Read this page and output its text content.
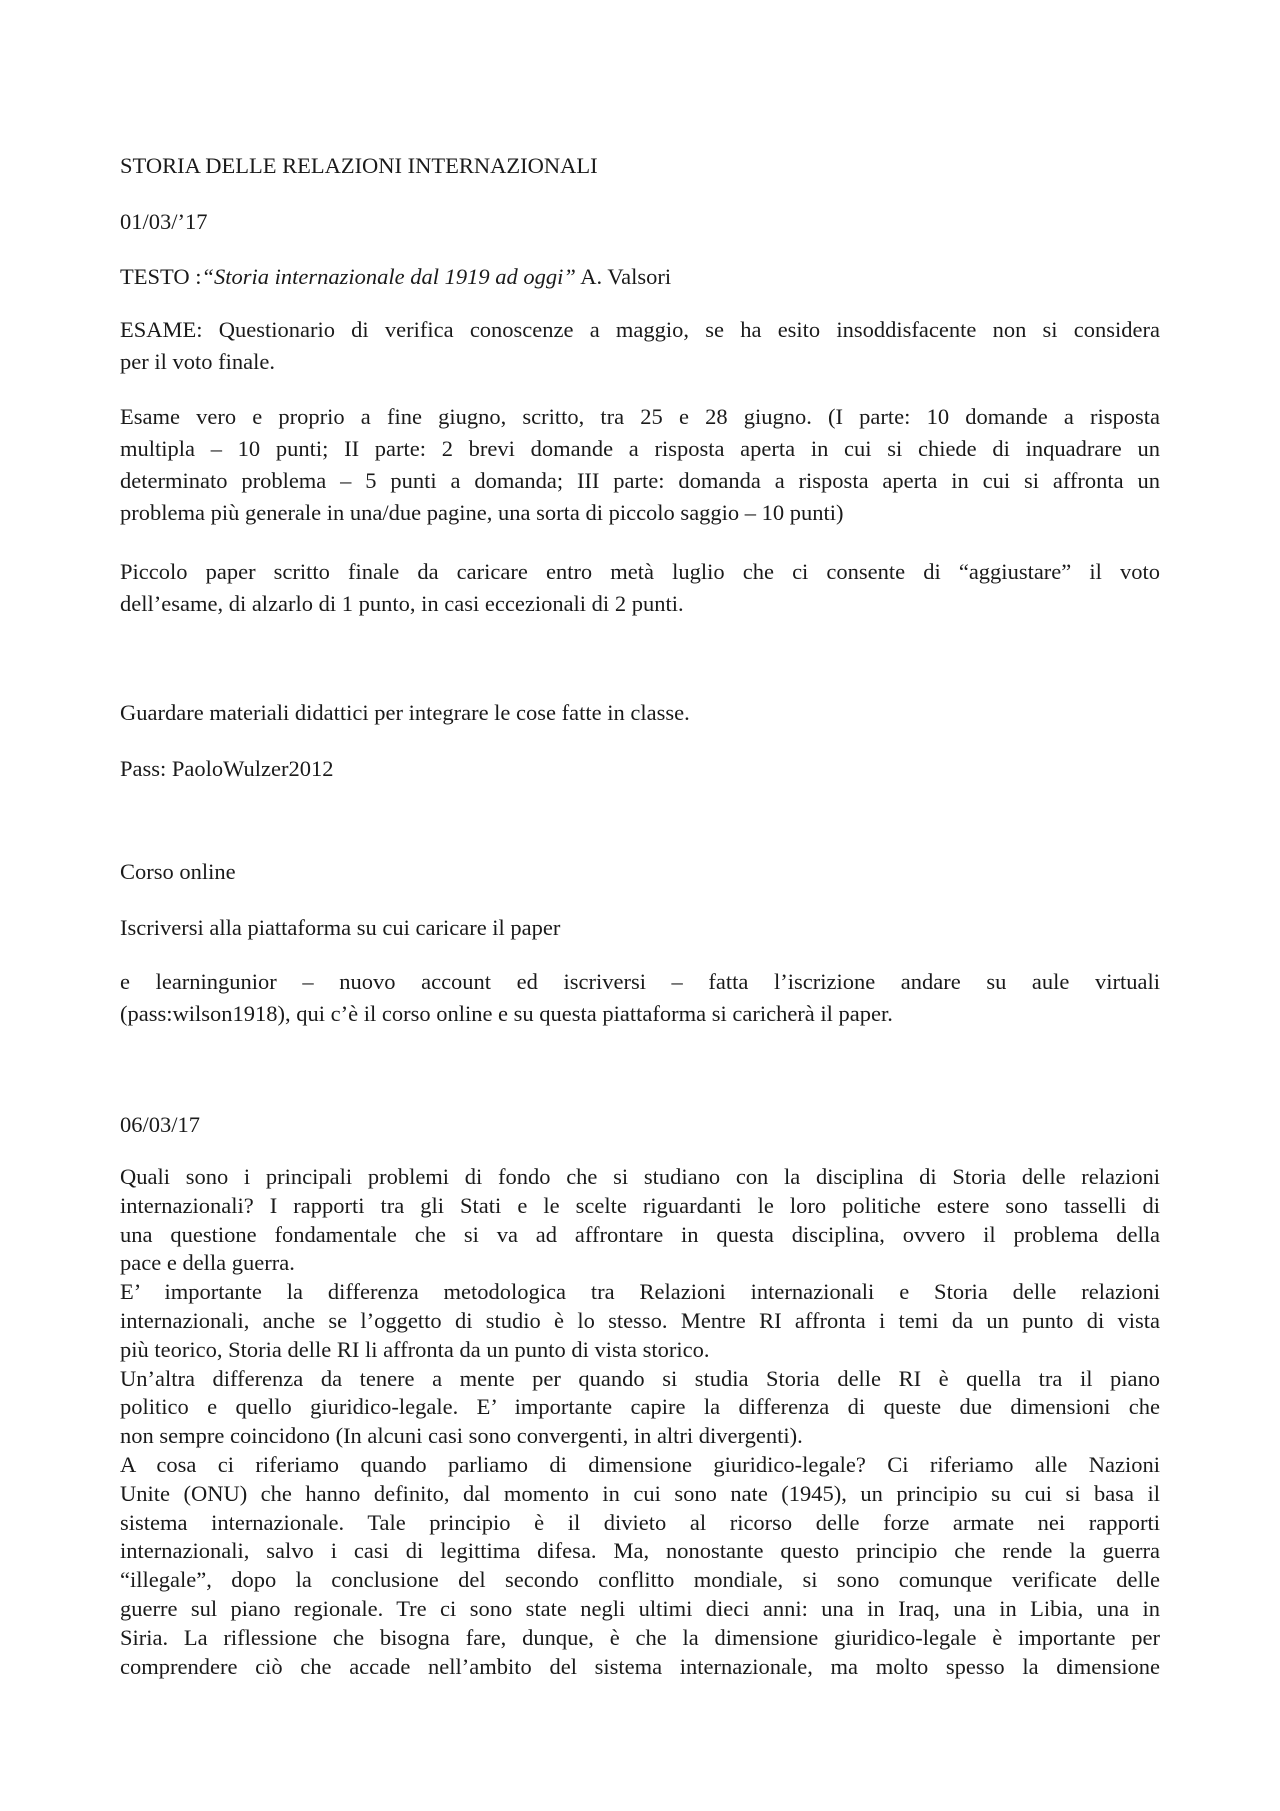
STORIA DELLE RELAZIONI INTERNAZIONALI

01/03/’17

TESTO :“Storia internazionale dal 1919 ad oggi” A. Valsori

ESAME: Questionario di verifica conoscenze a maggio, se ha esito insoddisfacente non si considera
per il voto finale.

Esame vero e proprio a fine giugno, scritto, tra 25 e 28 giugno. (I parte: 10 domande a risposta
multipla – 10 punti; II parte: 2 brevi domande a risposta aperta in cui si chiede di inquadrare un
determinato problema – 5 punti a domanda; III parte: domanda a risposta aperta in cui si affronta un
problema più generale in una/due pagine, una sorta di piccolo saggio – 10 punti)

Piccolo paper scritto finale da caricare entro metà luglio che ci consente di “aggiustare” il voto
dell’esame, di alzarlo di 1 punto, in casi eccezionali di 2 punti.

Guardare materiali didattici per integrare le cose fatte in classe.

Pass: PaoloWulzer2012

Corso online

Iscriversi alla piattaforma su cui caricare il paper

e learningunior – nuovo account ed iscriversi – fatta l’iscrizione andare su aule virtuali
(pass:wilson1918), qui c’è il corso online e su questa piattaforma si caricherà il paper.

06/03/17

Quali sono i principali problemi di fondo che si studiano con la disciplina di Storia delle relazioni
internazionali? I rapporti tra gli Stati e le scelte riguardanti le loro politiche estere sono tasselli di
una questione fondamentale che si va ad affrontare in questa disciplina, ovvero il problema della
pace e della guerra.
E’ importante la differenza metodologica tra Relazioni internazionali e Storia delle relazioni
internazionali, anche se l’oggetto di studio è lo stesso. Mentre RI affronta i temi da un punto di vista
più teorico, Storia delle RI li affronta da un punto di vista storico.
Un’altra differenza da tenere a mente per quando si studia Storia delle RI è quella tra il piano
politico e quello giuridico-legale. E’ importante capire la differenza di queste due dimensioni che
non sempre coincidono (In alcuni casi sono convergenti, in altri divergenti).
A cosa ci riferiamo quando parliamo di dimensione giuridico-legale? Ci riferiamo alle Nazioni
Unite (ONU) che hanno definito, dal momento in cui sono nate (1945), un principio su cui si basa il
sistema internazionale. Tale principio è il divieto al ricorso delle forze armate nei rapporti
internazionali, salvo i casi di legittima difesa. Ma, nonostante questo principio che rende la guerra
“illegale”, dopo la conclusione del secondo conflitto mondiale, si sono comunque verificate delle
guerre sul piano regionale. Tre ci sono state negli ultimi dieci anni: una in Iraq, una in Libia, una in
Siria. La riflessione che bisogna fare, dunque, è che la dimensione giuridico-legale è importante per
comprendere ciò che accade nell’ambito del sistema internazionale, ma molto spesso la dimensione
